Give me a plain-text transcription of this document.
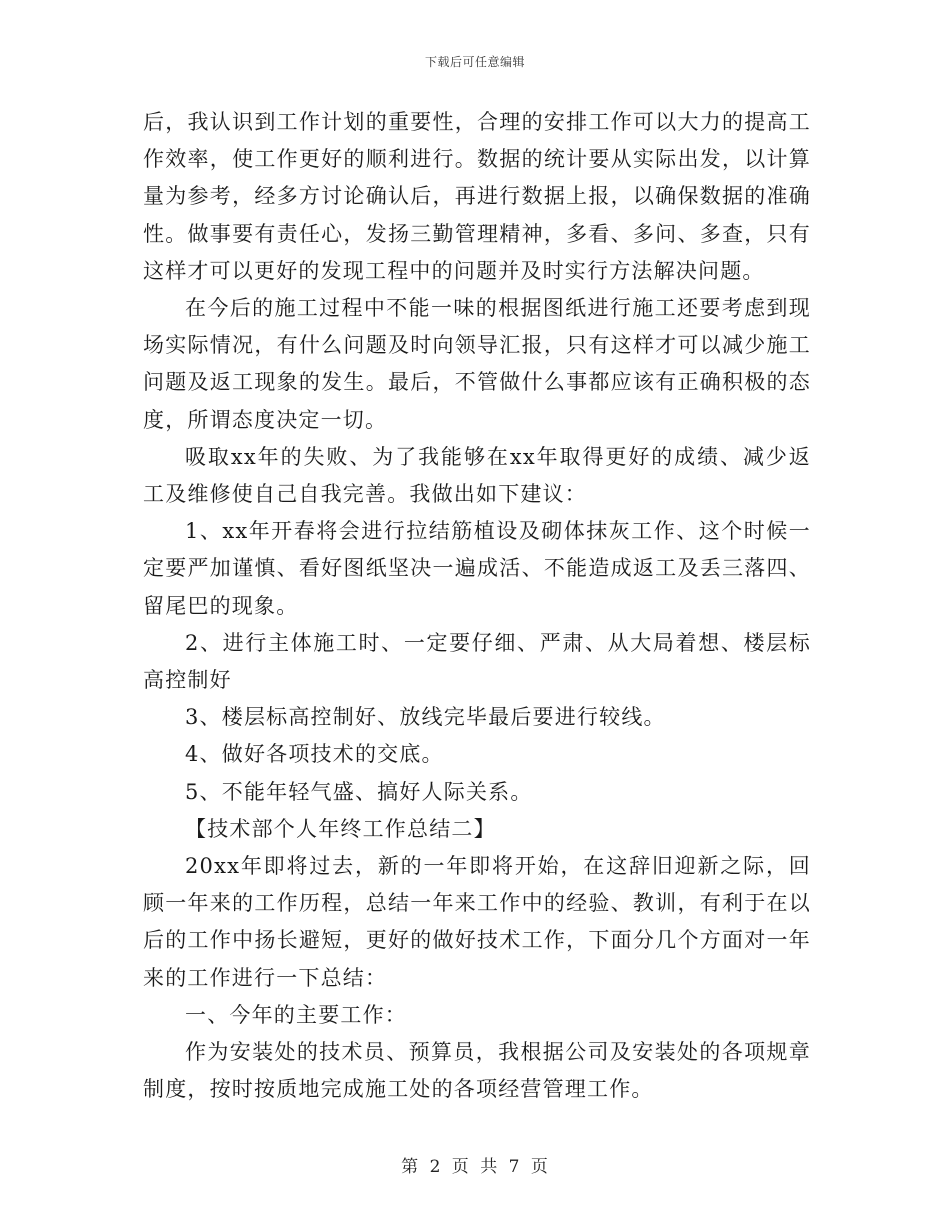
下载后可任意编辑

后，我认识到工作计划的重要性，合理的安排工作可以大力的提高工作效率，使工作更好的顺利进行。数据的统计要从实际出发，以计算量为参考，经多方讨论确认后，再进行数据上报，以确保数据的准确性。做事要有责任心，发扬三勤管理精神，多看、多问、多查，只有这样才可以更好的发现工程中的问题并及时实行方法解决问题。

在今后的施工过程中不能一味的根据图纸进行施工还要考虑到现场实际情况，有什么问题及时向领导汇报，只有这样才可以减少施工问题及返工现象的发生。最后，不管做什么事都应该有正确积极的态度，所谓态度决定一切。

吸取xx年的失败、为了我能够在xx年取得更好的成绩、减少返工及维修使自己自我完善。我做出如下建议：

1、xx年开春将会进行拉结筋植设及砌体抹灰工作、这个时候一定要严加谨慎、看好图纸坚决一遍成活、不能造成返工及丢三落四、留尾巴的现象。

2、进行主体施工时、一定要仔细、严肃、从大局着想、楼层标高控制好

3、楼层标高控制好、放线完毕最后要进行较线。

4、做好各项技术的交底。

5、不能年轻气盛、搞好人际关系。

【技术部个人年终工作总结二】

20xx年即将过去，新的一年即将开始，在这辞旧迎新之际，回顾一年来的工作历程，总结一年来工作中的经验、教训，有利于在以后的工作中扬长避短，更好的做好技术工作，下面分几个方面对一年来的工作进行一下总结：

一、今年的主要工作：

作为安装处的技术员、预算员，我根据公司及安装处的各项规章制度，按时按质地完成施工处的各项经营管理工作。

第 2 页 共 7 页
